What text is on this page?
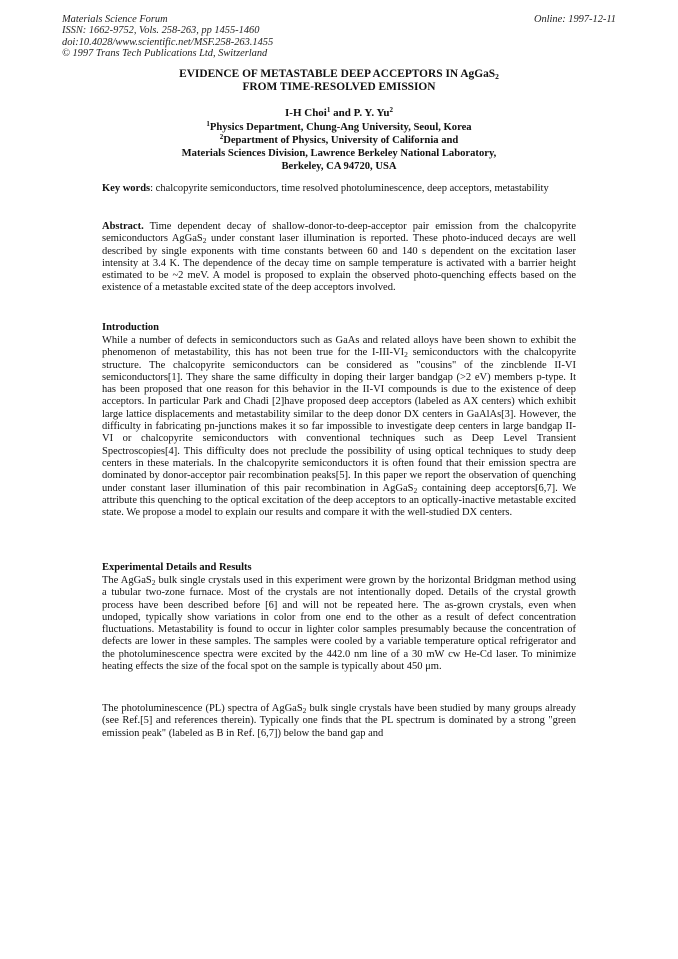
Materials Science Forum
ISSN: 1662-9752, Vols. 258-263, pp 1455-1460
doi:10.4028/www.scientific.net/MSF.258-263.1455
© 1997 Trans Tech Publications Ltd, Switzerland
Online: 1997-12-11
EVIDENCE OF METASTABLE DEEP ACCEPTORS IN AgGaS$_2$
FROM TIME-RESOLVED EMISSION
I-H Choi$^1$ and P. Y. Yu$^2$
$^1$Physics Department, Chung-Ang University, Seoul, Korea
$^2$Department of Physics, University of California and
Materials Sciences Division, Lawrence Berkeley National Laboratory,
Berkeley, CA 94720, USA
Key words: chalcopyrite semiconductors, time resolved photoluminescence, deep acceptors, metastability
Abstract. Time dependent decay of shallow-donor-to-deep-acceptor pair emission from the chalcopyrite semiconductors AgGaS$_2$ under constant laser illumination is reported. These photo-induced decays are well described by single exponents with time constants between 60 and 140 s dependent on the excitation laser intensity at 3.4 K. The dependence of the decay time on sample temperature is activated with a barrier height estimated to be ~2 meV. A model is proposed to explain the observed photo-quenching effects based on the existence of a metastable excited state of the deep acceptors involved.
Introduction
While a number of defects in semiconductors such as GaAs and related alloys have been shown to exhibit the phenomenon of metastability, this has not been true for the $I-III-VI_2$ semiconductors with the chalcopyrite structure. The chalcopyrite semiconductors can be considered as "cousins" of the zincblende II-VI semiconductors[1]. They share the same difficulty in doping their larger bandgap (>2 eV) members p-type. It has been proposed that one reason for this behavior in the II-VI compounds is due to the existence of deep acceptors. In particular Park and Chadi [2]have proposed deep acceptors (labeled as AX centers) which exhibit large lattice displacements and metastability similar to the deep donor DX centers in GaAlAs[3]. However, the difficulty in fabricating pn-junctions makes it so far impossible to investigate deep centers in large bandgap II-VI or chalcopyrite semiconductors with conventional techniques such as Deep Level Transient Spectroscopies[4]. This difficulty does not preclude the possibility of using optical techniques to study deep centers in these materials. In the chalcopyrite semiconductors it is often found that their emission spectra are dominated by donor-acceptor pair recombination peaks[5]. In this paper we report the observation of quenching under constant laser illumination of this pair recombination in AgGaS$_2$ containing deep acceptors[6,7]. We attribute this quenching to the optical excitation of the deep acceptors to an optically-inactive metastable excited state. We propose a model to explain our results and compare it with the well-studied DX centers.
Experimental Details and Results
The AgGaS$_2$ bulk single crystals used in this experiment were grown by the horizontal Bridgman method using a tubular two-zone furnace. Most of the crystals are not intentionally doped. Details of the crystal growth process have been described before [6] and will not be repeated here. The as-grown crystals, even when undoped, typically show variations in color from one end to the other as a result of defect concentration fluctuations. Metastability is found to occur in lighter color samples presumably because the concentration of defects are lower in these samples. The samples were cooled by a variable temperature optical refrigerator and the photoluminescence spectra were excited by the 442.0 nm line of a 30 mW cw He-Cd laser. To minimize heating effects the size of the focal spot on the sample is typically about 450 μm.
The photoluminescence (PL) spectra of AgGaS$_2$ bulk single crystals have been studied by many groups already (see Ref.[5] and references therein). Typically one finds that the PL spectrum is dominated by a strong "green emission peak" (labeled as B in Ref. [6,7]) below the band gap and
